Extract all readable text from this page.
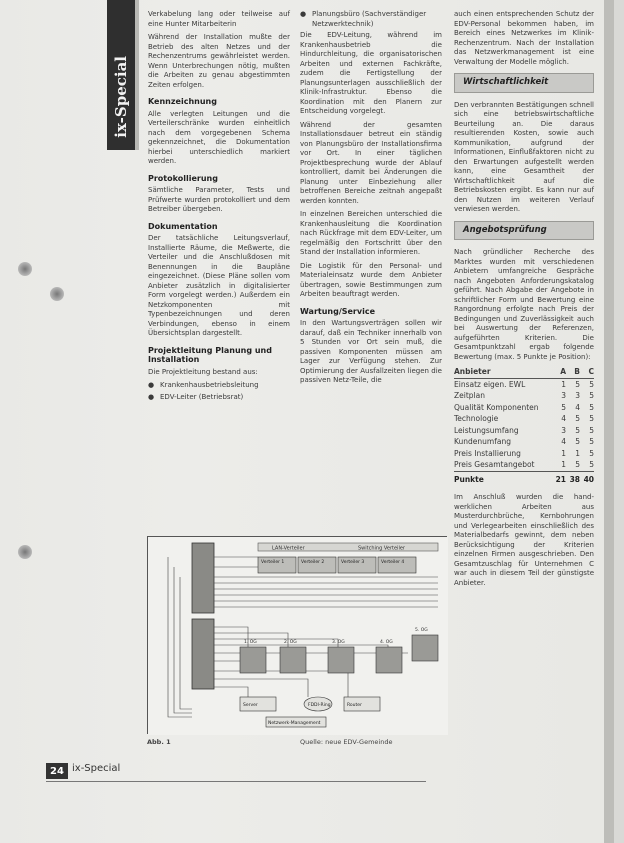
ix-Special

Verkabelung lang oder teilweise auf eine Hunter Mitarbeiterin

Während der Installation mußte der Betrieb des alten Netzes und der Rechenzentrums gewährleistet werden. Wenn Unterbrechungen nötig, mußten die Arbeiten zu genau abgestimmten Zeiten erfolgen.

Kennzeichnung

Alle verlegten Leitungen und die Verteilerschränke wurden einheitlich nach dem vorgegebenen Schema gekennzeichnet, die Dokumentation hierbei unterschiedlich markiert werden.

Protokollierung

Sämtliche Parameter, Tests und Prüfwerte wurden protokolliert und dem Betreiber übergeben.

Dokumentation

Der tatsächliche Leitungsverlauf, Installierte Räume, die Meßwerte, die Verteiler und die Anschlußdosen mit Benennungen in die Baupläne eingezeichnet. (Diese Pläne sollen vom Anbieter zusätzlich in digitalisierter Form vorgelegt werden.) Außerdem ein Netzkomponenten mit Typenbezeichnungen und deren Verbindungen, ebenso in einem Übersichtsplan dargestellt.

Projektleitung Planung und Installation

Die Projektleitung bestand aus:

● Krankenhausbetriebsleitung
● EDV-Leiter (Betriebsrat)
● Planungsbüro (Sachverständiger Netzwerktechnik)

Die EDV-Leitung, während im Krankenhausbetrieb die Hindurchleitung, die organisatorischen Arbeiten und externen Fachkräfte, zudem die Fertigstellung der Planungsunterlagen ausschließlich der Klinik-Infrastruktur. Ebenso die Koordination mit den Planern zur Entscheidung vorgelegt.

Während der gesamten Installationsdauer betreut ein ständig von Planungsbüro der Installationsfirma vor Ort. In einer täglichen Projektbesprechung wurde der Ablauf kontrolliert, damit bei Änderungen die Planung unter Einbeziehung aller betroffenen Bereiche zeitnah angepaßt werden konnten.

In einzelnen Bereichen unterschied die Krankenhausleitung die Koordination nach Rückfrage mit dem EDV-Leiter, um regelmäßig den Fortschritt über den Stand der Installation informieren.

Die Logistik für den Personal- und Materialeinsatz wurde dem Anbieter übertragen, sowie Bestimmungen zum Arbeiten beauftragt werden.

Wartung/Service

In den Wartungsverträgen sollen wir darauf, daß ein Techniker innerhalb von 5 Stunden vor Ort sein muß, die passiven Komponenten müssen am Lager zur Verfügung stehen. Zur Optimierung der Ausfallzeiten liegen die passiven Netz-Teile, die

auch einen entsprechenden Schutz der EDV-Personal bekommen haben, im Bereich eines Netzwerkes im Klinik-Rechenzentrum. Nach der Installation das Netzwerkmanagement ist eine Verwaltung der Modelle möglich.

Wirtschaftlichkeit

Den verbrannten Bestätigungen schnell sich eine betriebswirtschaftliche Beurteilung an. Die daraus resultierenden Kosten, sowie auch Kommunikation, aufgrund der Informationen, Einflußfaktoren nicht zu den Erwartungen aufgestellt werden kann, eine Gesamtheit der Wirtschaftlichkeit auf die Betriebskosten ergibt. Es kann nur auf den Nutzen im weiteren Verlauf verwiesen werden.

Angebotsprüfung

Nach gründlicher Recherche des Marktes wurden mit verschiedenen Anbietern umfangreiche Gespräche nach Angeboten Anforderungskatalog geführt. Nach Abgabe der Angebote in schriftlicher Form und Bewertung eine Rangordnung erfolgte nach Preis der Bedingungen und Zuverlässigkeit auch bei Auswertung der Referenzen, aufgeführten Kriterien. Die Gesamtpunktzahl ergab folgende Bewertung (max. 5 Punkte je Position):

Anbieter	A	B	C
Einsatz eigen. EWL	1	5	5
Zeitplan	3	3	5
Qualität Komponenten	5	4	5
Technologie	4	5	5
Leistungsumfang	3	5	5
Kundenumfang	4	5	5
Preis Installierung	1	1	5
Preis Gesamtangebot	1	5	5
Punkte	21	38	40

Im Anschluß wurden die hand-werklichen Arbeiten aus Musterdurchbrüche, Kernbohrungen und Verlegearbeiten einschließlich des Materialbedarfs gewinnt, dem neben Berücksichtigung der Kriterien einzelnen Firmen ausgeschrieben. Den Gesamtzuschlag für Unternehmen C war auch in diesem Teil der günstigste Anbieter.

LAN-Verteiler	Switching Verteiler
Verteiler 1	Verteiler 2	Verteiler 3	Verteiler 4
1. OG	2. OG	3. OG	4. OG
5. OG
Server	FDDI-Ring	Router
Netzwerk-Management
Abb. 1	Quelle: neue EDV-Gemeinde
24 ix-Special
